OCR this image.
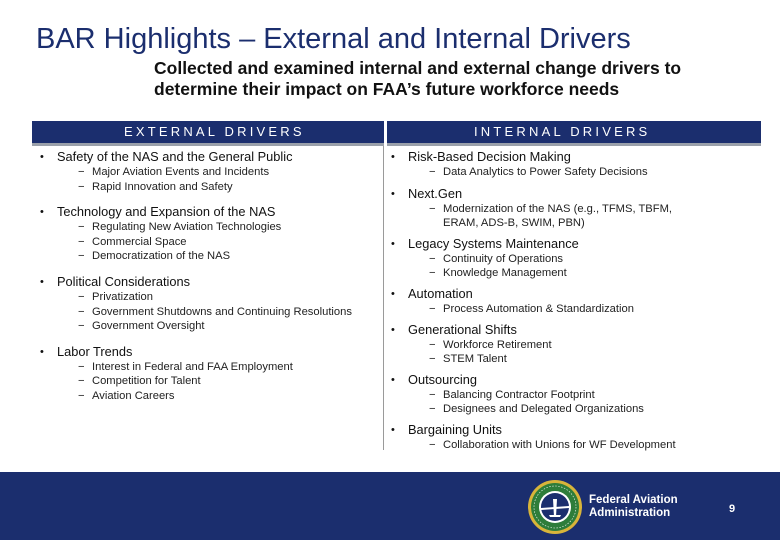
BAR Highlights – External and Internal Drivers
Collected and examined internal and external change drivers to determine their impact on FAA’s future workforce needs
EXTERNAL DRIVERS	INTERNAL DRIVERS
• Safety of the NAS and the General Public
− Major Aviation Events and Incidents
− Rapid Innovation and Safety
• Technology and Expansion of the NAS
− Regulating New Aviation Technologies
− Commercial Space
− Democratization of the NAS
• Political Considerations
− Privatization
− Government Shutdowns and Continuing Resolutions
− Government Oversight
• Labor Trends
− Interest in Federal and FAA Employment
− Competition for Talent
− Aviation Careers
• Risk-Based Decision Making
− Data Analytics to Power Safety Decisions
• Next.Gen
− Modernization of the NAS (e.g., TFMS, TBFM, ERAM, ADS-B, SWIM, PBN)
• Legacy Systems Maintenance
− Continuity of Operations
− Knowledge Management
• Automation
− Process Automation & Standardization
• Generational Shifts
− Workforce Retirement
− STEM Talent
• Outsourcing
− Balancing Contractor Footprint
− Designees and Delegated Organizations
• Bargaining Units
− Collaboration with Unions for WF Development
Federal Aviation
Administration	9
